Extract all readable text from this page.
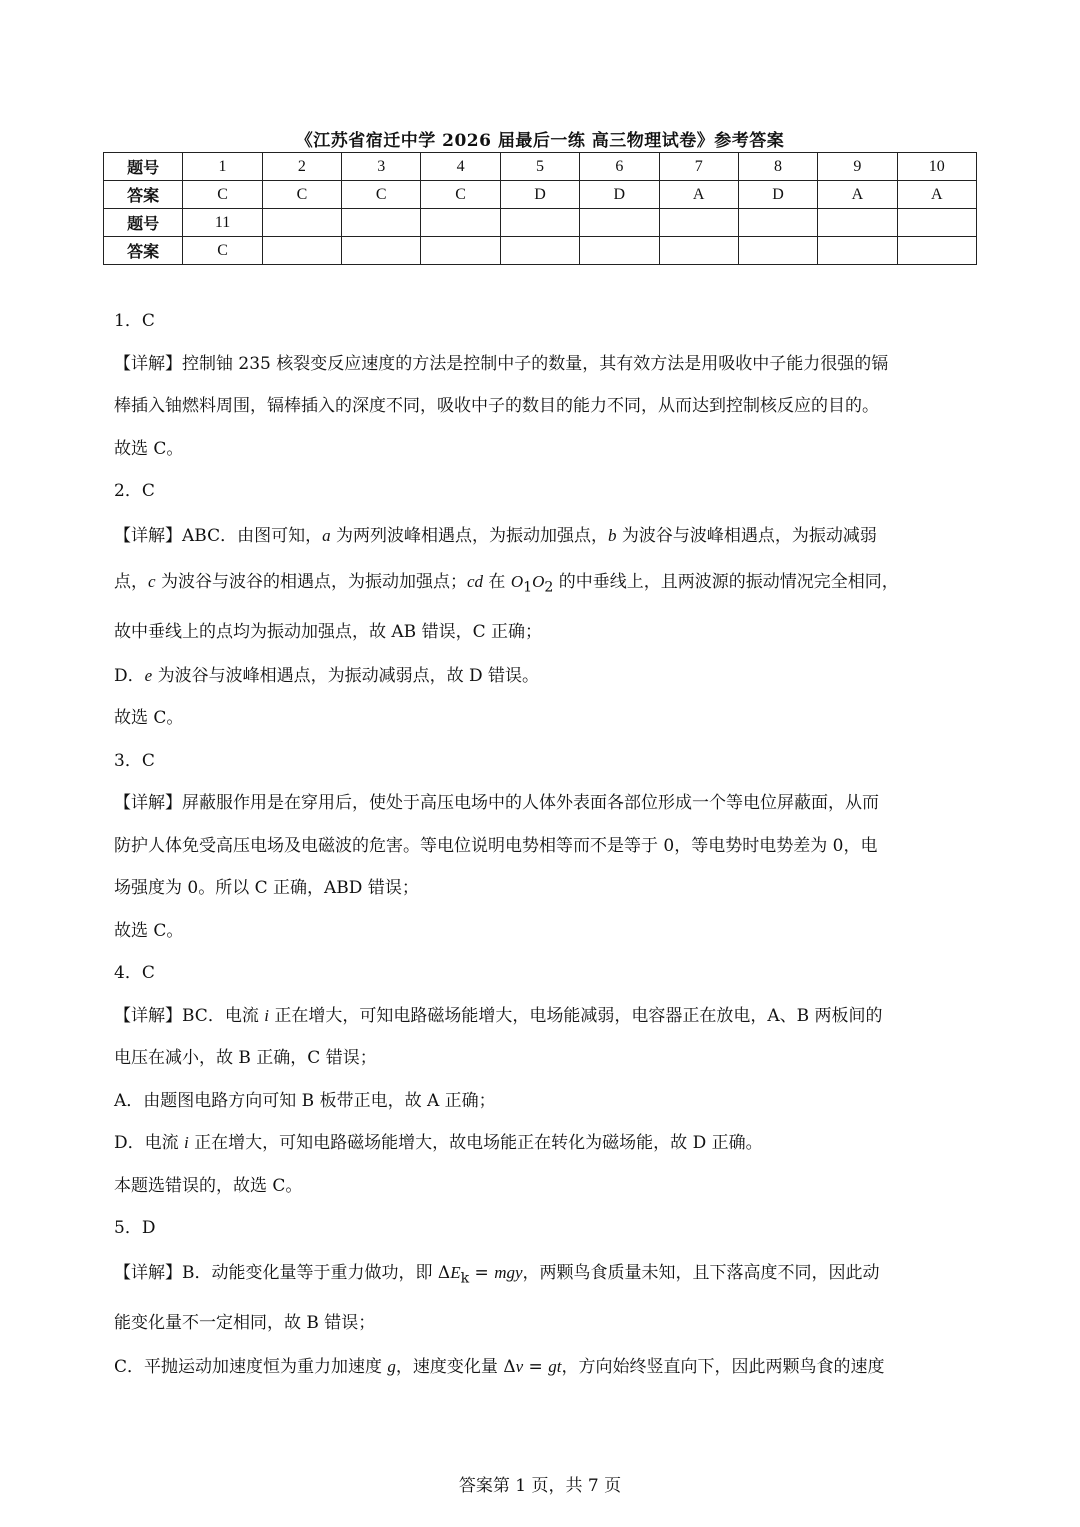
《江苏省宿迁中学 2026 届最后一练 高三物理试卷》参考答案
题号	1	2	3	4	5	6	7	8	9	10
答案	C	C	C	C	D	D	A	D	A	A
题号	11									
答案	C									

1．C

【详解】控制铀 235 核裂变反应速度的方法是控制中子的数量，其有效方法是用吸收中子能力很强的镉

棒插入铀燃料周围，镉棒插入的深度不同，吸收中子的数目的能力不同，从而达到控制核反应的目的。

故选 C。

2．C

【详解】ABC．由图可知，a 为两列波峰相遇点，为振动加强点，b 为波谷与波峰相遇点，为振动减弱

点，c 为波谷与波谷的相遇点，为振动加强点；cd 在 $O_1O_2$ 的中垂线上，且两波源的振动情况完全相同，

故中垂线上的点均为振动加强点，故 AB 错误，C 正确；

D．e 为波谷与波峰相遇点，为振动减弱点，故 D 错误。

故选 C。

3．C

【详解】屏蔽服作用是在穿用后，使处于高压电场中的人体外表面各部位形成一个等电位屏蔽面，从而

防护人体免受高压电场及电磁波的危害。等电位说明电势相等而不是等于 0，等电势时电势差为 0，电

场强度为 0。所以 C 正确，ABD 错误；

故选 C。

4．C

【详解】BC．电流 i 正在增大，可知电路磁场能增大，电场能减弱，电容器正在放电，A、B 两板间的

电压在减小，故 B 正确，C 错误；

A．由题图电路方向可知 B 板带正电，故 A 正确；

D．电流 i 正在增大，可知电路磁场能增大，故电场能正在转化为磁场能，故 D 正确。

本题选错误的，故选 C。

5．D

【详解】B．动能变化量等于重力做功，即 $\Delta E_k$ = mgy，两颗鸟食质量未知，且下落高度不同，因此动

能变化量不一定相同，故 B 错误；

C．平抛运动加速度恒为重力加速度 g，速度变化量 Δv = gt，方向始终竖直向下，因此两颗鸟食的速度

答案第 1 页，共 7 页
